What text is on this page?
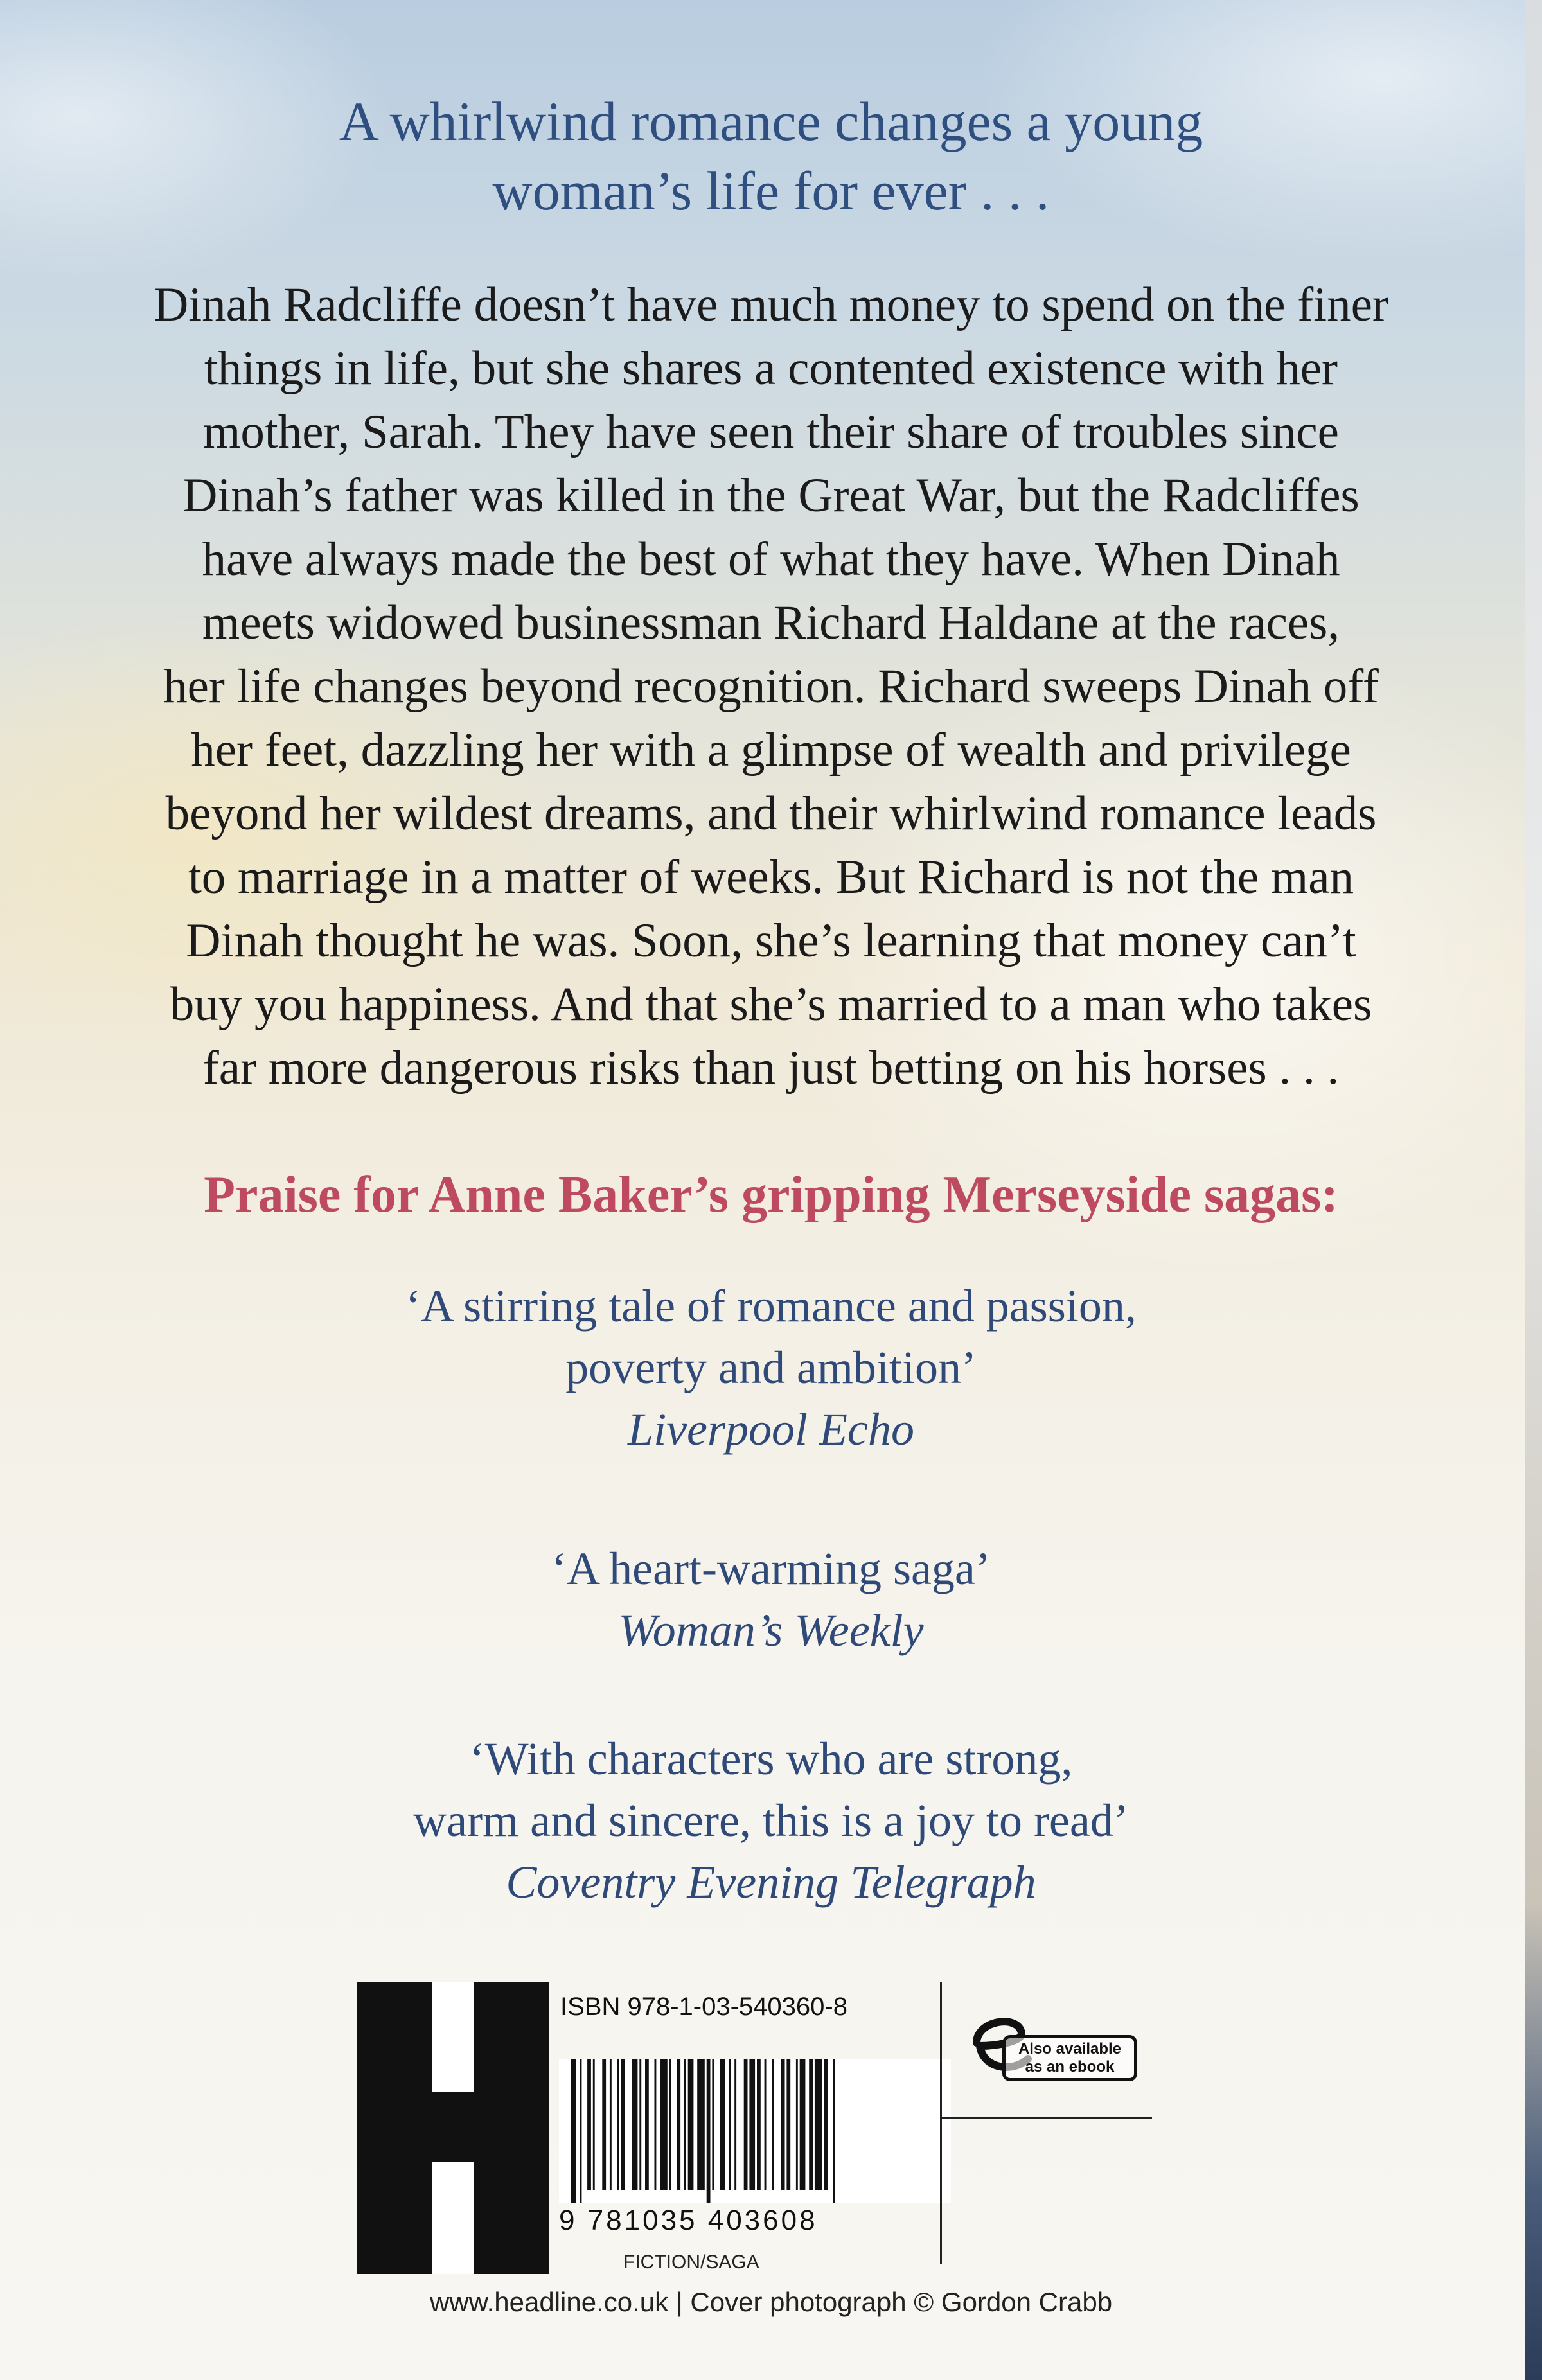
A whirlwind romance changes a young
woman’s life for ever . . .

Dinah Radcliffe doesn’t have much money to spend on the finer
things in life, but she shares a contented existence with her
mother, Sarah. They have seen their share of troubles since
Dinah’s father was killed in the Great War, but the Radcliffes
have always made the best of what they have. When Dinah
meets widowed businessman Richard Haldane at the races,
her life changes beyond recognition. Richard sweeps Dinah off
her feet, dazzling her with a glimpse of wealth and privilege
beyond her wildest dreams, and their whirlwind romance leads
to marriage in a matter of weeks. But Richard is not the man
Dinah thought he was. Soon, she’s learning that money can’t
buy you happiness. And that she’s married to a man who takes
far more dangerous risks than just betting on his horses . . .

Praise for Anne Baker’s gripping Merseyside sagas:
‘A stirring tale of romance and passion,
poverty and ambition’
Liverpool Echo
‘A heart-warming saga’
Woman’s Weekly
‘With characters who are strong,
warm and sincere, this is a joy to read’
Coventry Evening Telegraph

ISBN 978-1-03-540360-8

9 781035 403608

FICTION/SAGA

Also available
as an ebook

www.headline.co.uk | Cover photograph © Gordon Crabb
